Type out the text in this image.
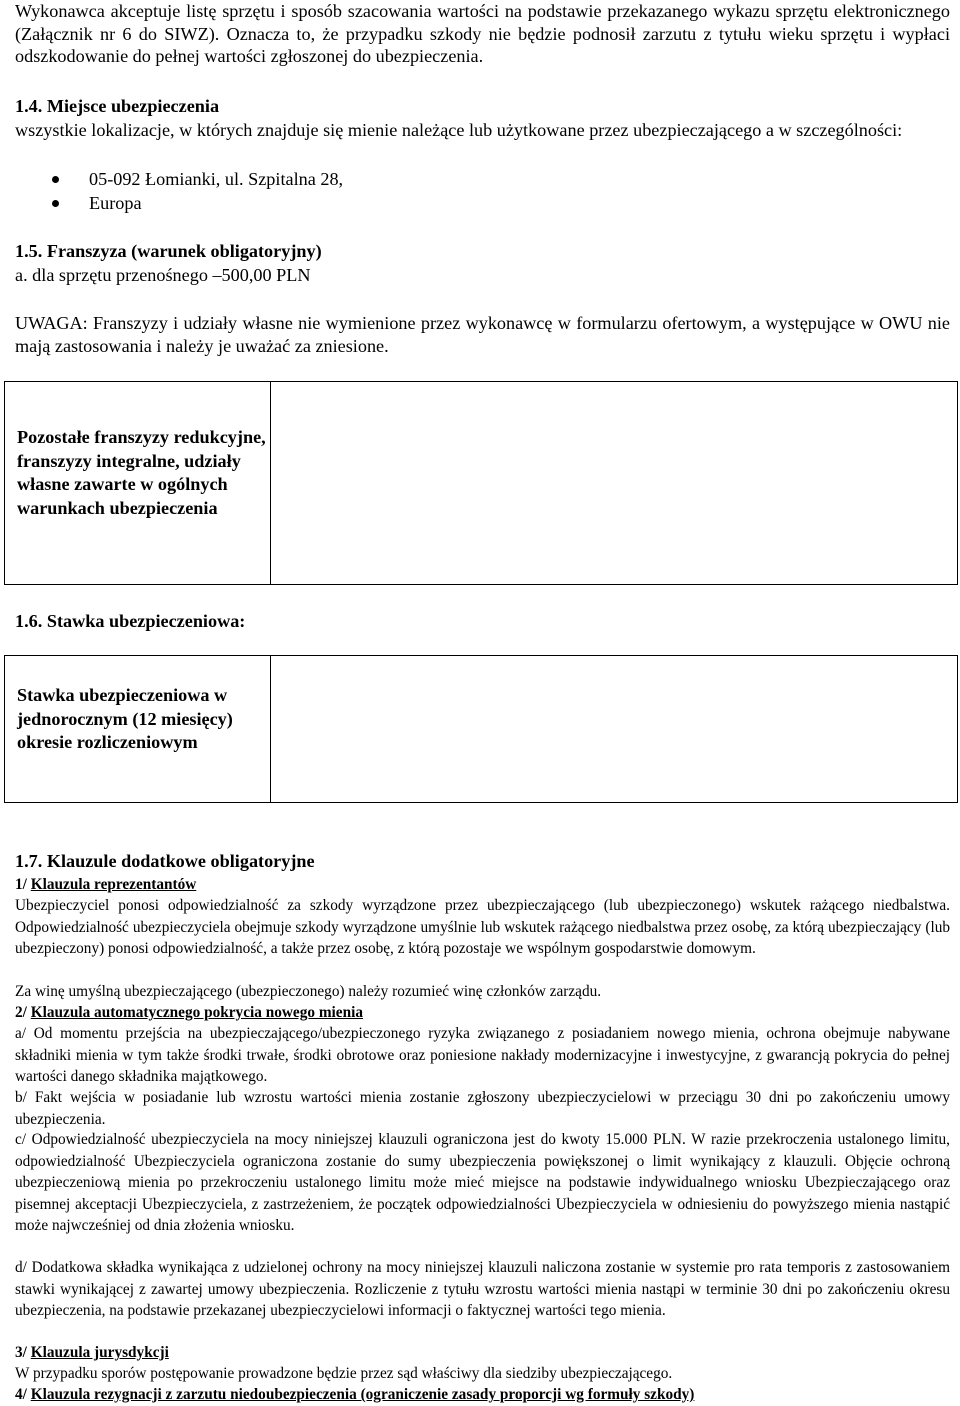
Wykonawca akceptuje listę sprzętu i sposób szacowania wartości na podstawie przekazanego wykazu sprzętu elektronicznego (Załącznik nr 6 do SIWZ). Oznacza to, że przypadku szkody nie będzie podnosił zarzutu z tytułu wieku sprzętu i wypłaci odszkodowanie do pełnej wartości zgłoszonej do ubezpieczenia.
1.4. Miejsce ubezpieczenia
wszystkie lokalizacje, w których znajduje się mienie należące lub użytkowane przez ubezpieczającego a w szczególności:
05-092 Łomianki, ul. Szpitalna 28,
Europa
1.5. Franszyza (warunek obligatoryjny)
a. dla sprzętu przenośnego –500,00 PLN
UWAGA: Franszyzy i udziały własne nie wymienione przez wykonawcę w formularzu ofertowym, a występujące w OWU nie mają zastosowania i należy je uważać za zniesione.
Pozostałe franszyzy redukcyjne, franszyzy integralne, udziały własne zawarte w ogólnych warunkach ubezpieczenia
1.6. Stawka ubezpieczeniowa:
Stawka ubezpieczeniowa w jednorocznym (12 miesięcy) okresie rozliczeniowym
1.7. Klauzule dodatkowe obligatoryjne
1/ Klauzula reprezentantów
Ubezpieczyciel ponosi odpowiedzialność za szkody wyrządzone przez ubezpieczającego (lub ubezpieczonego) wskutek rażącego niedbalstwa. Odpowiedzialność ubezpieczyciela obejmuje szkody wyrządzone umyślnie lub wskutek rażącego niedbalstwa przez osobę, za którą ubezpieczający (lub ubezpieczony) ponosi odpowiedzialność, a także przez osobę, z którą pozostaje we wspólnym gospodarstwie domowym.
Za winę umyślną ubezpieczającego (ubezpieczonego) należy rozumieć winę członków zarządu.
2/ Klauzula automatycznego pokrycia nowego mienia
a/ Od momentu przejścia na ubezpieczającego/ubezpieczonego ryzyka związanego z posiadaniem nowego mienia, ochrona obejmuje nabywane składniki mienia w tym także środki trwałe, środki obrotowe oraz poniesione nakłady modernizacyjne i inwestycyjne, z gwarancją pokrycia do pełnej wartości danego składnika majątkowego.
b/ Fakt wejścia w posiadanie lub wzrostu wartości mienia zostanie zgłoszony ubezpieczycielowi w przeciągu 30 dni po zakończeniu umowy ubezpieczenia.
c/ Odpowiedzialność ubezpieczyciela na mocy niniejszej klauzuli ograniczona jest do kwoty 15.000 PLN. W razie przekroczenia ustalonego limitu, odpowiedzialność Ubezpieczyciela ograniczona zostanie do sumy ubezpieczenia powiększonej o limit wynikający z klauzuli. Objęcie ochroną ubezpieczeniową mienia po przekroczeniu ustalonego limitu może mieć miejsce na podstawie indywidualnego wniosku Ubezpieczającego oraz pisemnej akceptacji Ubezpieczyciela, z zastrzeżeniem, że początek odpowiedzialności Ubezpieczyciela w odniesieniu do powyższego mienia nastąpić może najwcześniej od dnia złożenia wniosku.
d/ Dodatkowa składka wynikająca z udzielonej ochrony na mocy niniejszej klauzuli naliczona zostanie w systemie pro rata temporis z zastosowaniem stawki wynikającej z zawartej umowy ubezpieczenia. Rozliczenie z tytułu wzrostu wartości mienia nastąpi w terminie 30 dni po zakończeniu okresu ubezpieczenia, na podstawie przekazanej ubezpieczycielowi informacji o faktycznej wartości tego mienia.
3/ Klauzula jurysdykcji
W przypadku sporów postępowanie prowadzone będzie przez sąd właściwy dla siedziby ubezpieczającego.
4/ Klauzula rezygnacji z zarzutu niedoubezpieczenia (ograniczenie zasady proporcji wg formuły szkody)
